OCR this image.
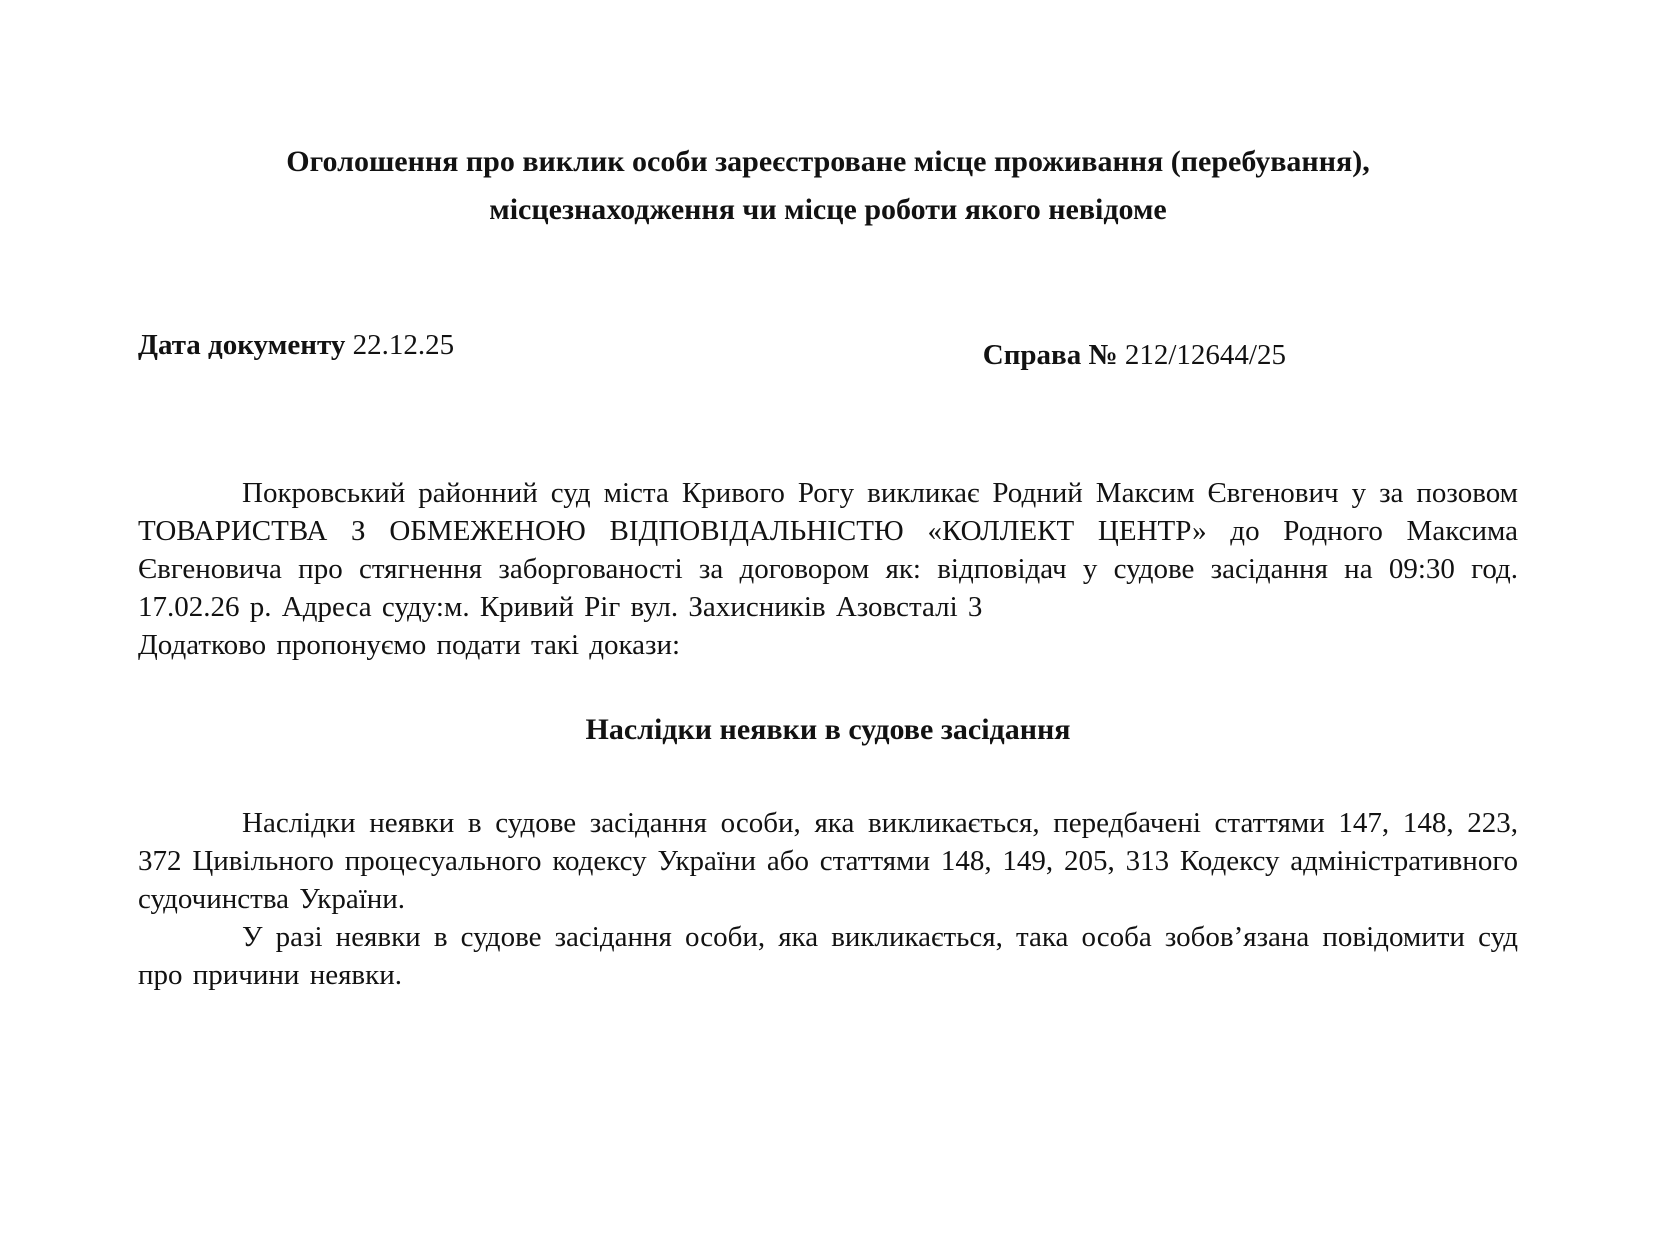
Оголошення про виклик особи зареєстроване місце проживання (перебування),
місцезнаходження чи місце роботи якого невідоме
Дата документу 22.12.25	Справа № 212/12644/25

Покровський районний суд міста Кривого Рогу викликає Родний Максим Євгенович у за позовом ТОВАРИСТВА З ОБМЕЖЕНОЮ ВІДПОВІДАЛЬНІСТЮ «КОЛЛЕКТ ЦЕНТР» до Родного Максима Євгеновича про стягнення заборгованості за договором як: відповідач у судове засідання на 09:30 год. 17.02.26 р. Адреса суду:м. Кривий Ріг вул. Захисників Азовсталі 3

Додатково пропонуємо подати такі докази:

Наслідки неявки в судове засідання

Наслідки неявки в судове засідання особи, яка викликається, передбачені статтями 147, 148, 223, 372 Цивільного процесуального кодексу України або статтями 148, 149, 205, 313 Кодексу адміністративного судочинства України.

У разі неявки в судове засідання особи, яка викликається, така особа зобов’язана повідомити суд про причини неявки.
